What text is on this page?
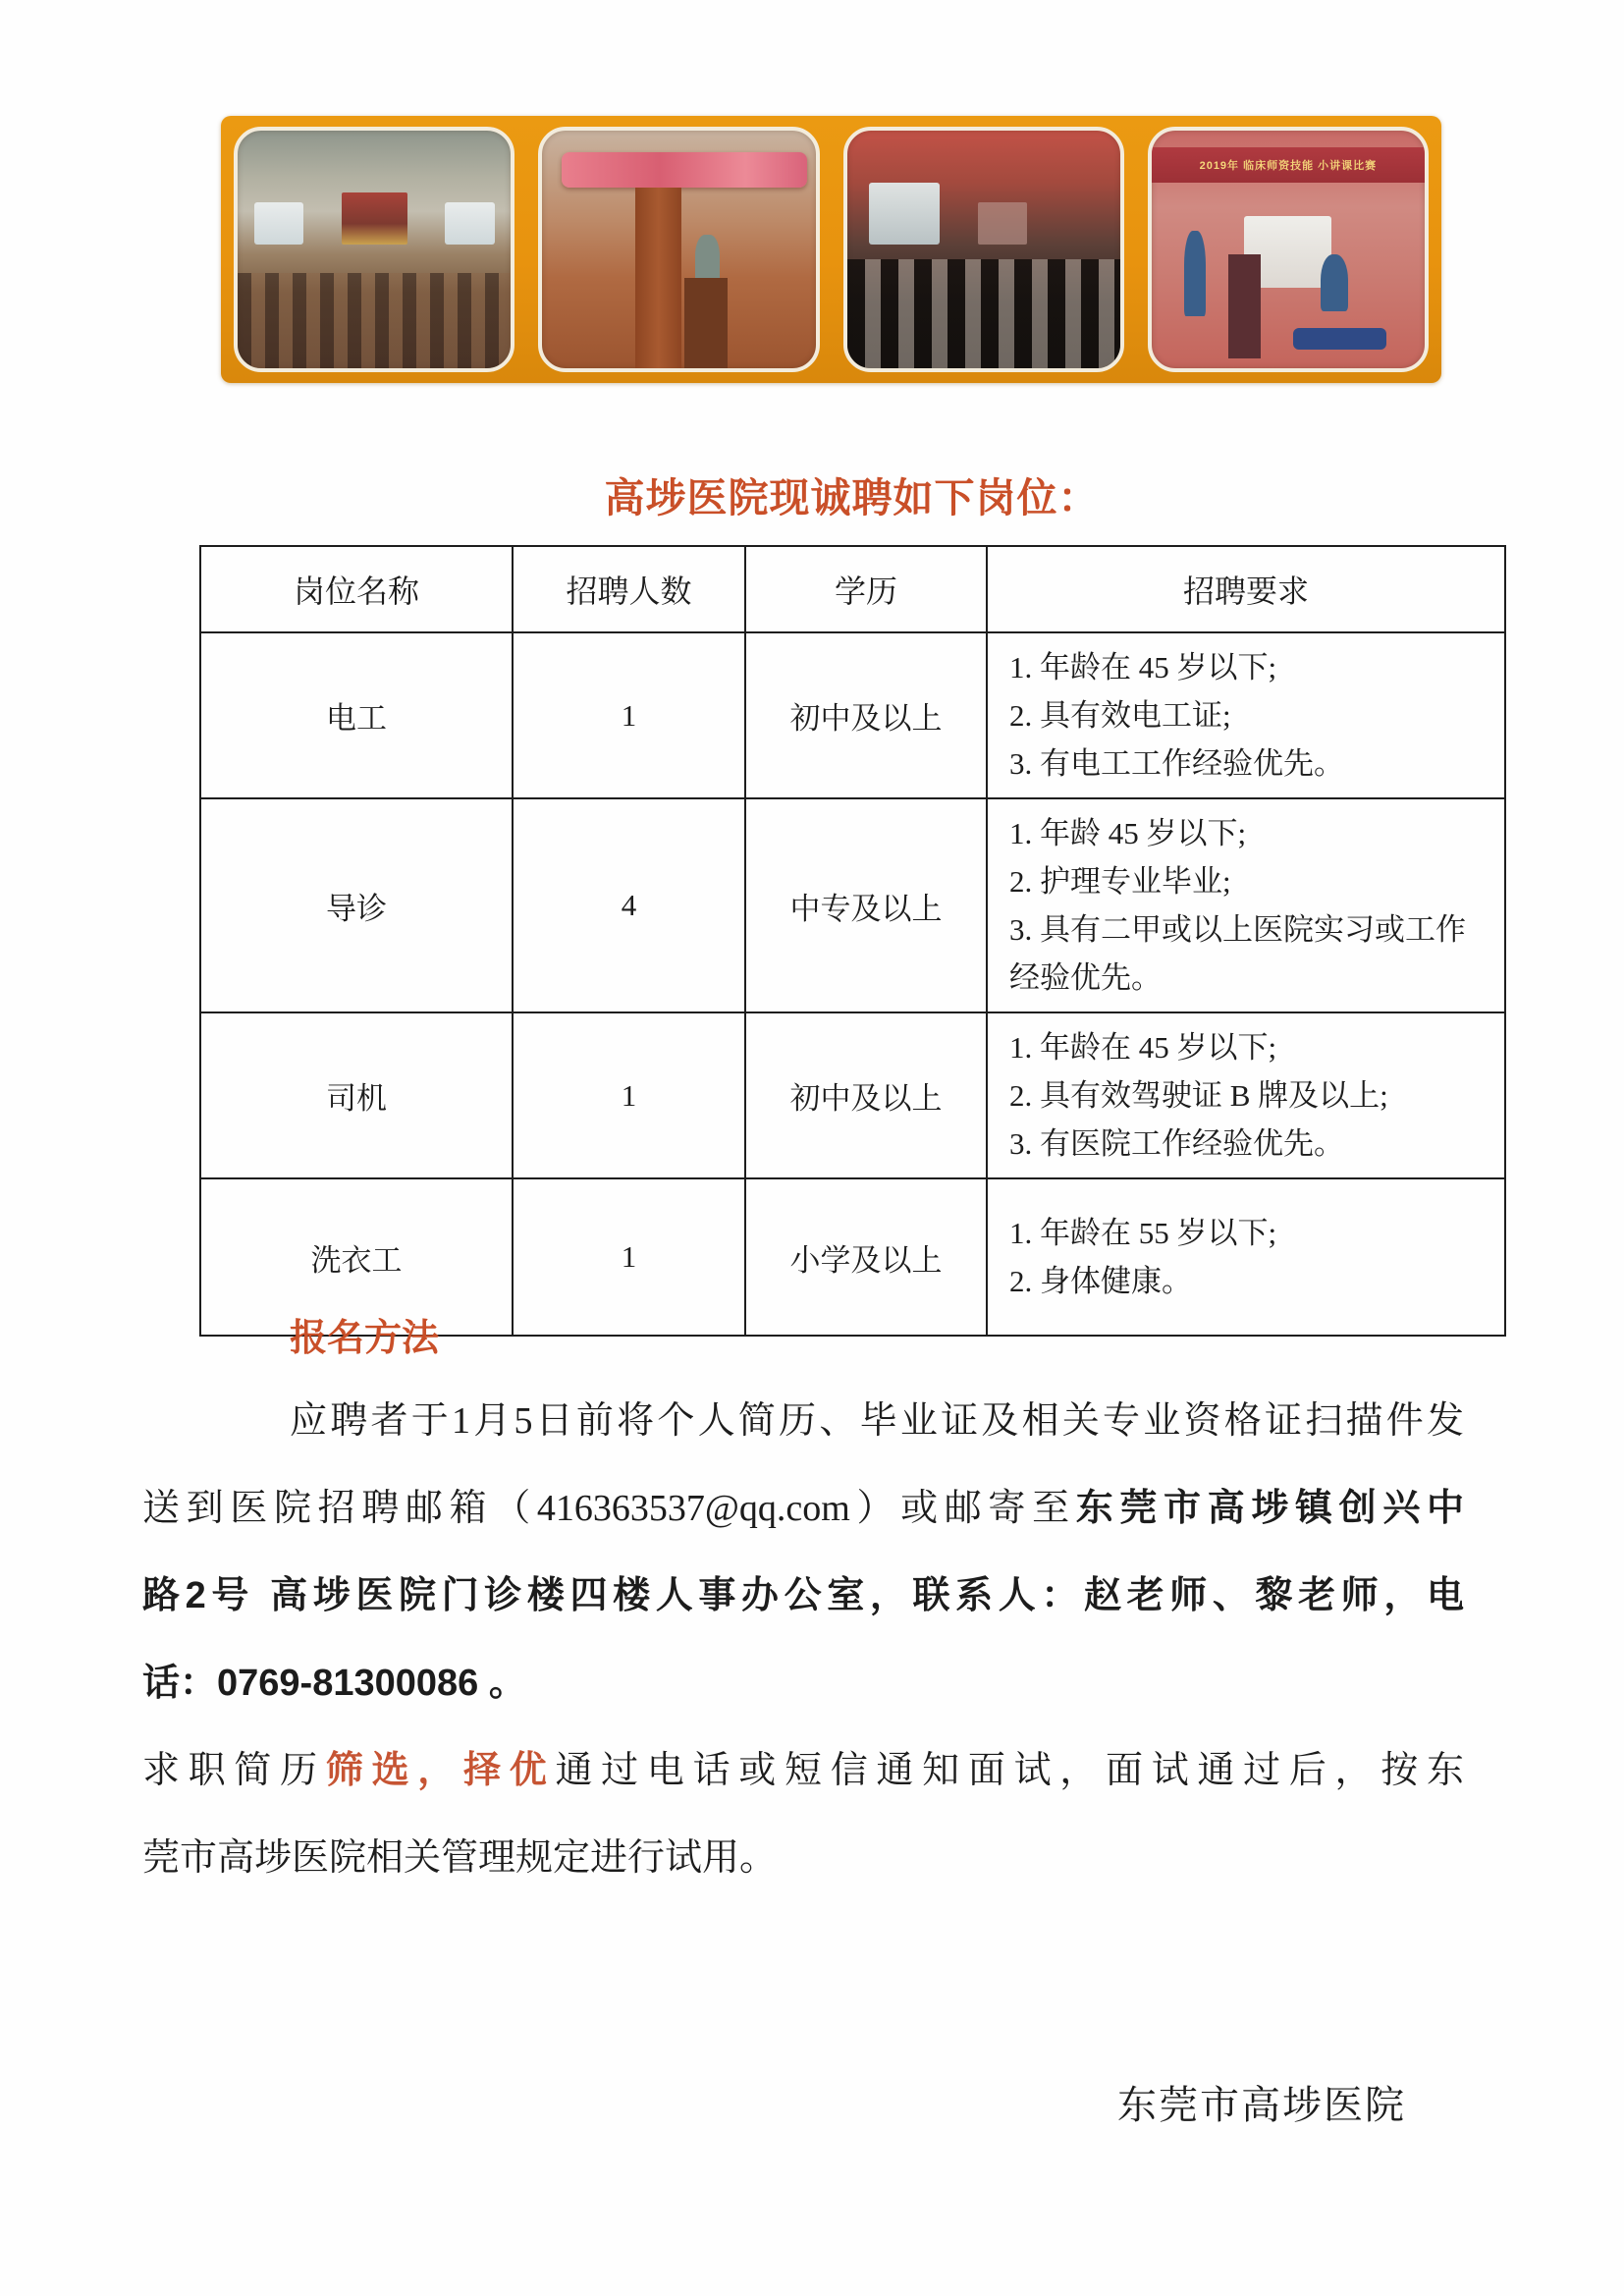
2019年 临床师资技能 小讲课比赛
高埗医院现诚聘如下岗位：
岗位名称	招聘人数	学历	招聘要求
电工	1	初中及以上	1. 年龄在 45 岁以下;
2. 具有效电工证;
3. 有电工工作经验优先。

导诊	4	中专及以上	1. 年龄 45 岁以下;
2. 护理专业毕业;
3. 具有二甲或以上医院实习或工作经验优先。

司机	1	初中及以上	1. 年龄在 45 岁以下;
2. 具有效驾驶证 B 牌及以上;
3. 有医院工作经验优先。

洗衣工	1	小学及以上	1. 年龄在 55 岁以下;
2. 身体健康。
报名方法
应聘者于1月5日前将个人简历、毕业证及相关专业资格证扫描件发
送到医院招聘邮箱（416363537@qq.com）或邮寄至东莞市高埗镇创兴中
路2号 高埗医院门诊楼四楼人事办公室，联系人：赵老师、黎老师，电
话：0769-81300086 。
求职简历筛选，择优通过电话或短信通知面试，面试通过后，按东
莞市高埗医院相关管理规定进行试用。
东莞市高埗医院
